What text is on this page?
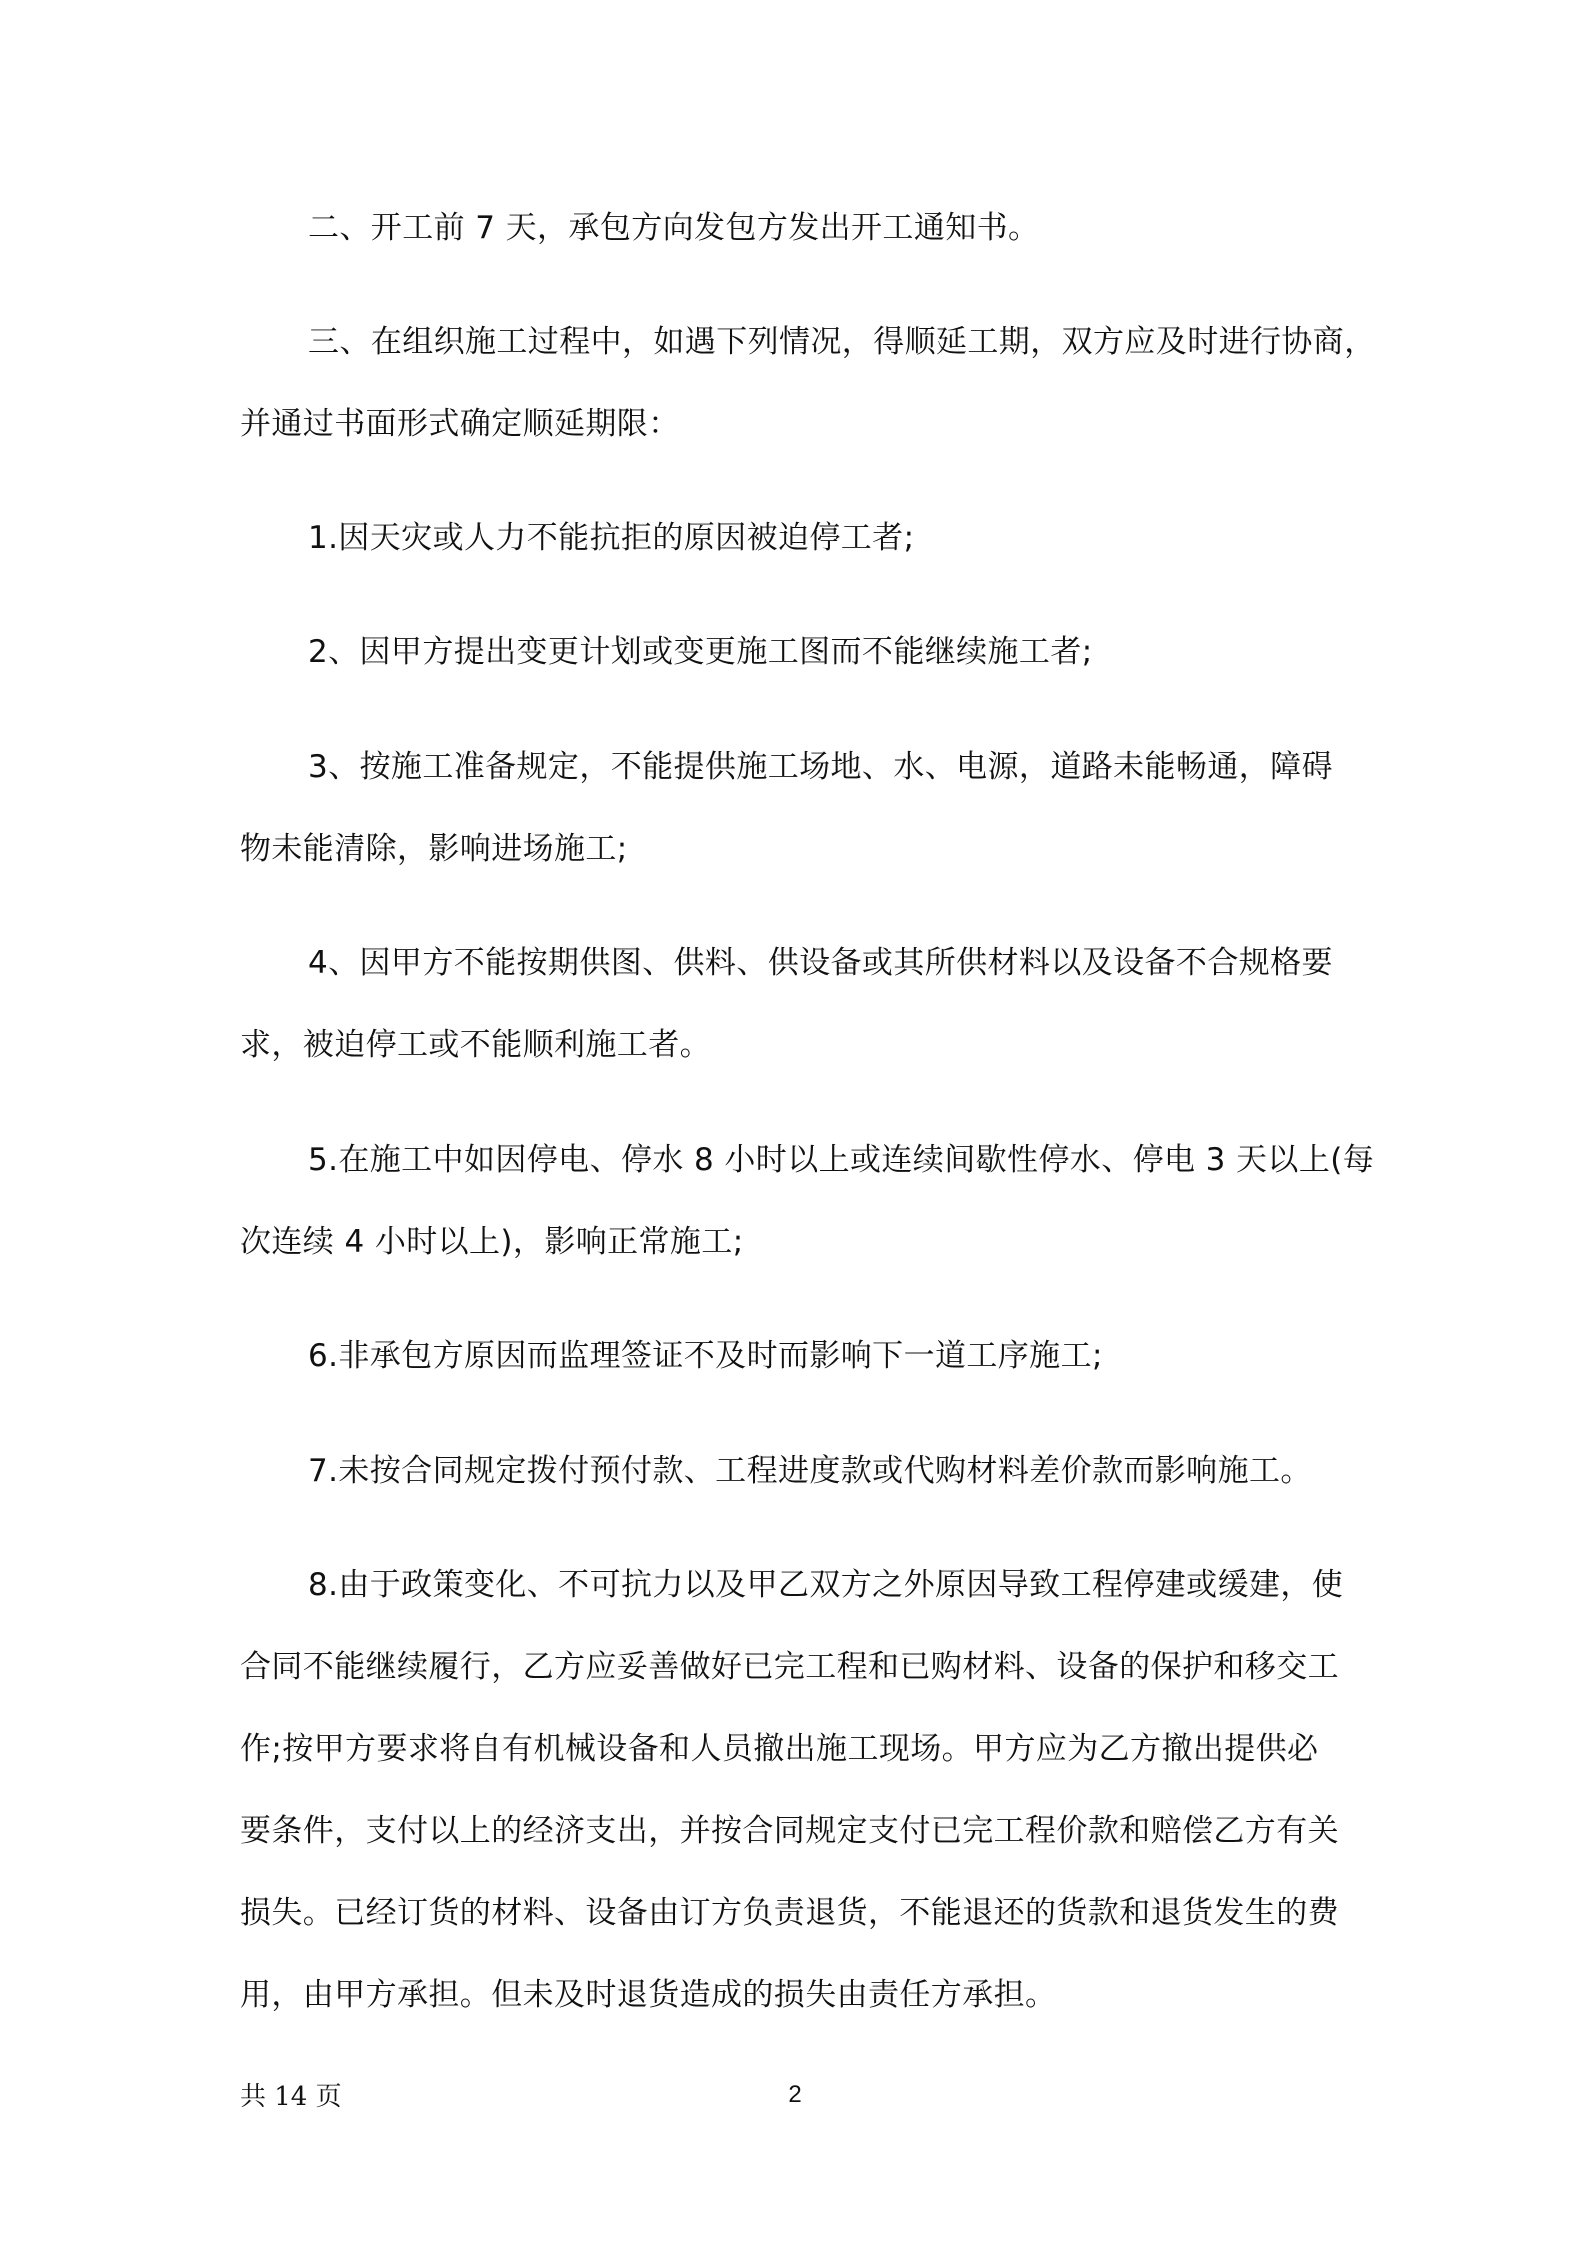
二、开工前 7 天，承包方向发包方发出开工通知书。
三、在组织施工过程中，如遇下列情况，得顺延工期，双方应及时进行协商，
并通过书面形式确定顺延期限：
1.因天灾或人力不能抗拒的原因被迫停工者;
2、因甲方提出变更计划或变更施工图而不能继续施工者;
3、按施工准备规定，不能提供施工场地、水、电源，道路未能畅通，障碍
物未能清除，影响进场施工;
4、因甲方不能按期供图、供料、供设备或其所供材料以及设备不合规格要
求，被迫停工或不能顺利施工者。
5.在施工中如因停电、停水 8 小时以上或连续间歇性停水、停电 3 天以上(每
次连续 4 小时以上)，影响正常施工;
6.非承包方原因而监理签证不及时而影响下一道工序施工;
7.未按合同规定拨付预付款、工程进度款或代购材料差价款而影响施工。
8.由于政策变化、不可抗力以及甲乙双方之外原因导致工程停建或缓建，使
合同不能继续履行，乙方应妥善做好已完工程和已购材料、设备的保护和移交工
作;按甲方要求将自有机械设备和人员撤出施工现场。甲方应为乙方撤出提供必
要条件，支付以上的经济支出，并按合同规定支付已完工程价款和赔偿乙方有关
损失。已经订货的材料、设备由订方负责退货，不能退还的货款和退货发生的费
用，由甲方承担。但未及时退货造成的损失由责任方承担。
共 14 页	2
